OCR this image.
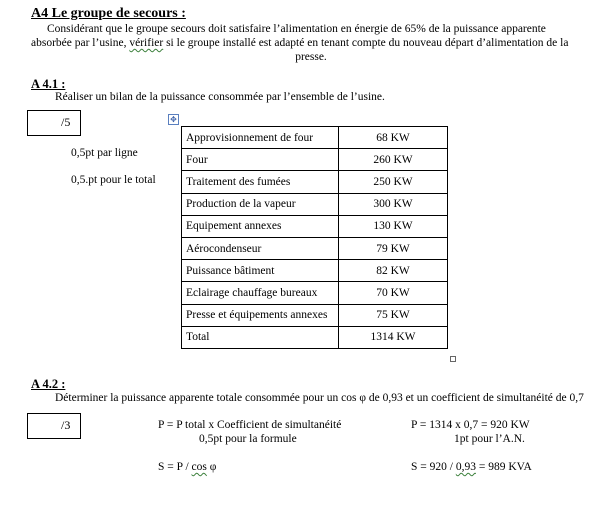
A4 Le groupe de secours :
Considérant que le groupe secours doit satisfaire l’alimentation en énergie de 65% de la puissance apparente
absorbée par l’usine, vérifier si le groupe installé est adapté en tenant compte du nouveau départ d’alimentation de la
presse.
A 4.1 :
Réaliser un bilan de la puissance consommée par l’ensemble de l’usine.
/5	✥
0,5pt par ligne
0,5.pt pour le total
Approvisionnement de four	68 KW
Four	260 KW
Traitement des fumées	250 KW
Production de la vapeur	300 KW
Equipement annexes	130 KW
Aérocondenseur	79 KW
Puissance bâtiment	82 KW
Eclairage chauffage bureaux	70 KW
Presse et équipements annexes	75 KW
Total	1314 KW
A 4.2 :
Déterminer la puissance apparente totale consommée pour un cos φ de 0,93 et un coefficient de simultanéité de 0,7
/3	P = P total x Coefficient de simultanéité
0,5pt pour la formule
P = 1314 x 0,7 = 920 KW
1pt pour l’A.N.
S = P / cos φ	S = 920 / 0,93 = 989 KVA
